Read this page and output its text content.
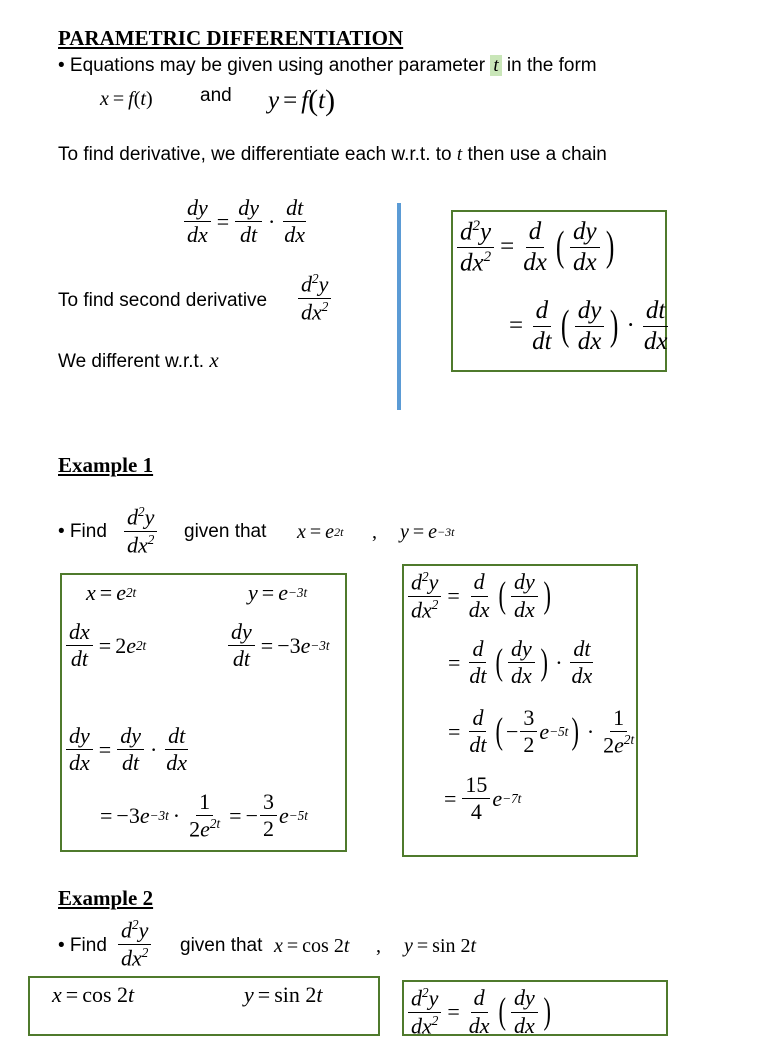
PARAMETRIC DIFFERENTIATION
• Equations may be given using another parameter t in the form
x = f ( t ) and y = f ( t )
To find derivative, we differentiate each w.r.t. to t then use a chain
$\frac{dy}{dx} = \frac{dy}{dt} \cdot \frac{dt}{dx}$
To find second derivative $\frac{d^2y}{dx^2}$
We different w.r.t. x
$\frac{d^2y}{dx^2} = \frac{d}{dx}$ ( $\frac{dy}{dx}$ )
= $\frac{d}{dt}$ ( $\frac{dy}{dx}$ ) · $\frac{dt}{dx}$
Example 1
• Find $\frac{d^2y}{dx^2}$ given that x = e 2t , y = e −3t
x = e 2t	y = e −3t
$\frac{dx}{dt} = 2$ e 2t	$\frac{dy}{dt} = -3$ e −3t
$\frac{dy}{dx} = \frac{dy}{dt} \cdot \frac{dt}{dx}$
= −3 $e -3t \cdot \frac{1}{2e^{2t}}$ = − $\frac{3}{2}$ e −5t
$\frac{d^2y}{dx^2} = \frac{d}{dx}$ ( $\frac{dy}{dx}$ )
= $\frac{d}{dt}$ ( $\frac{dy}{dx}$ ) · $\frac{dt}{dx}$
= $\frac{d}{dt}$ ( − $\frac{3}{2}$ e −5t ) · $\frac{1}{2e^{2t}}$
= $\frac{15}{4}$ e −7t
Example 2
• Find $\frac{d^2y}{dx^2}$ given that x = cos 2 t , y = sin 2 t
x = cos 2 t	y = sin 2 t	$\frac{d^2y}{dx^2} = \frac{d}{dx}$ ( $\frac{dy}{dx}$ )
